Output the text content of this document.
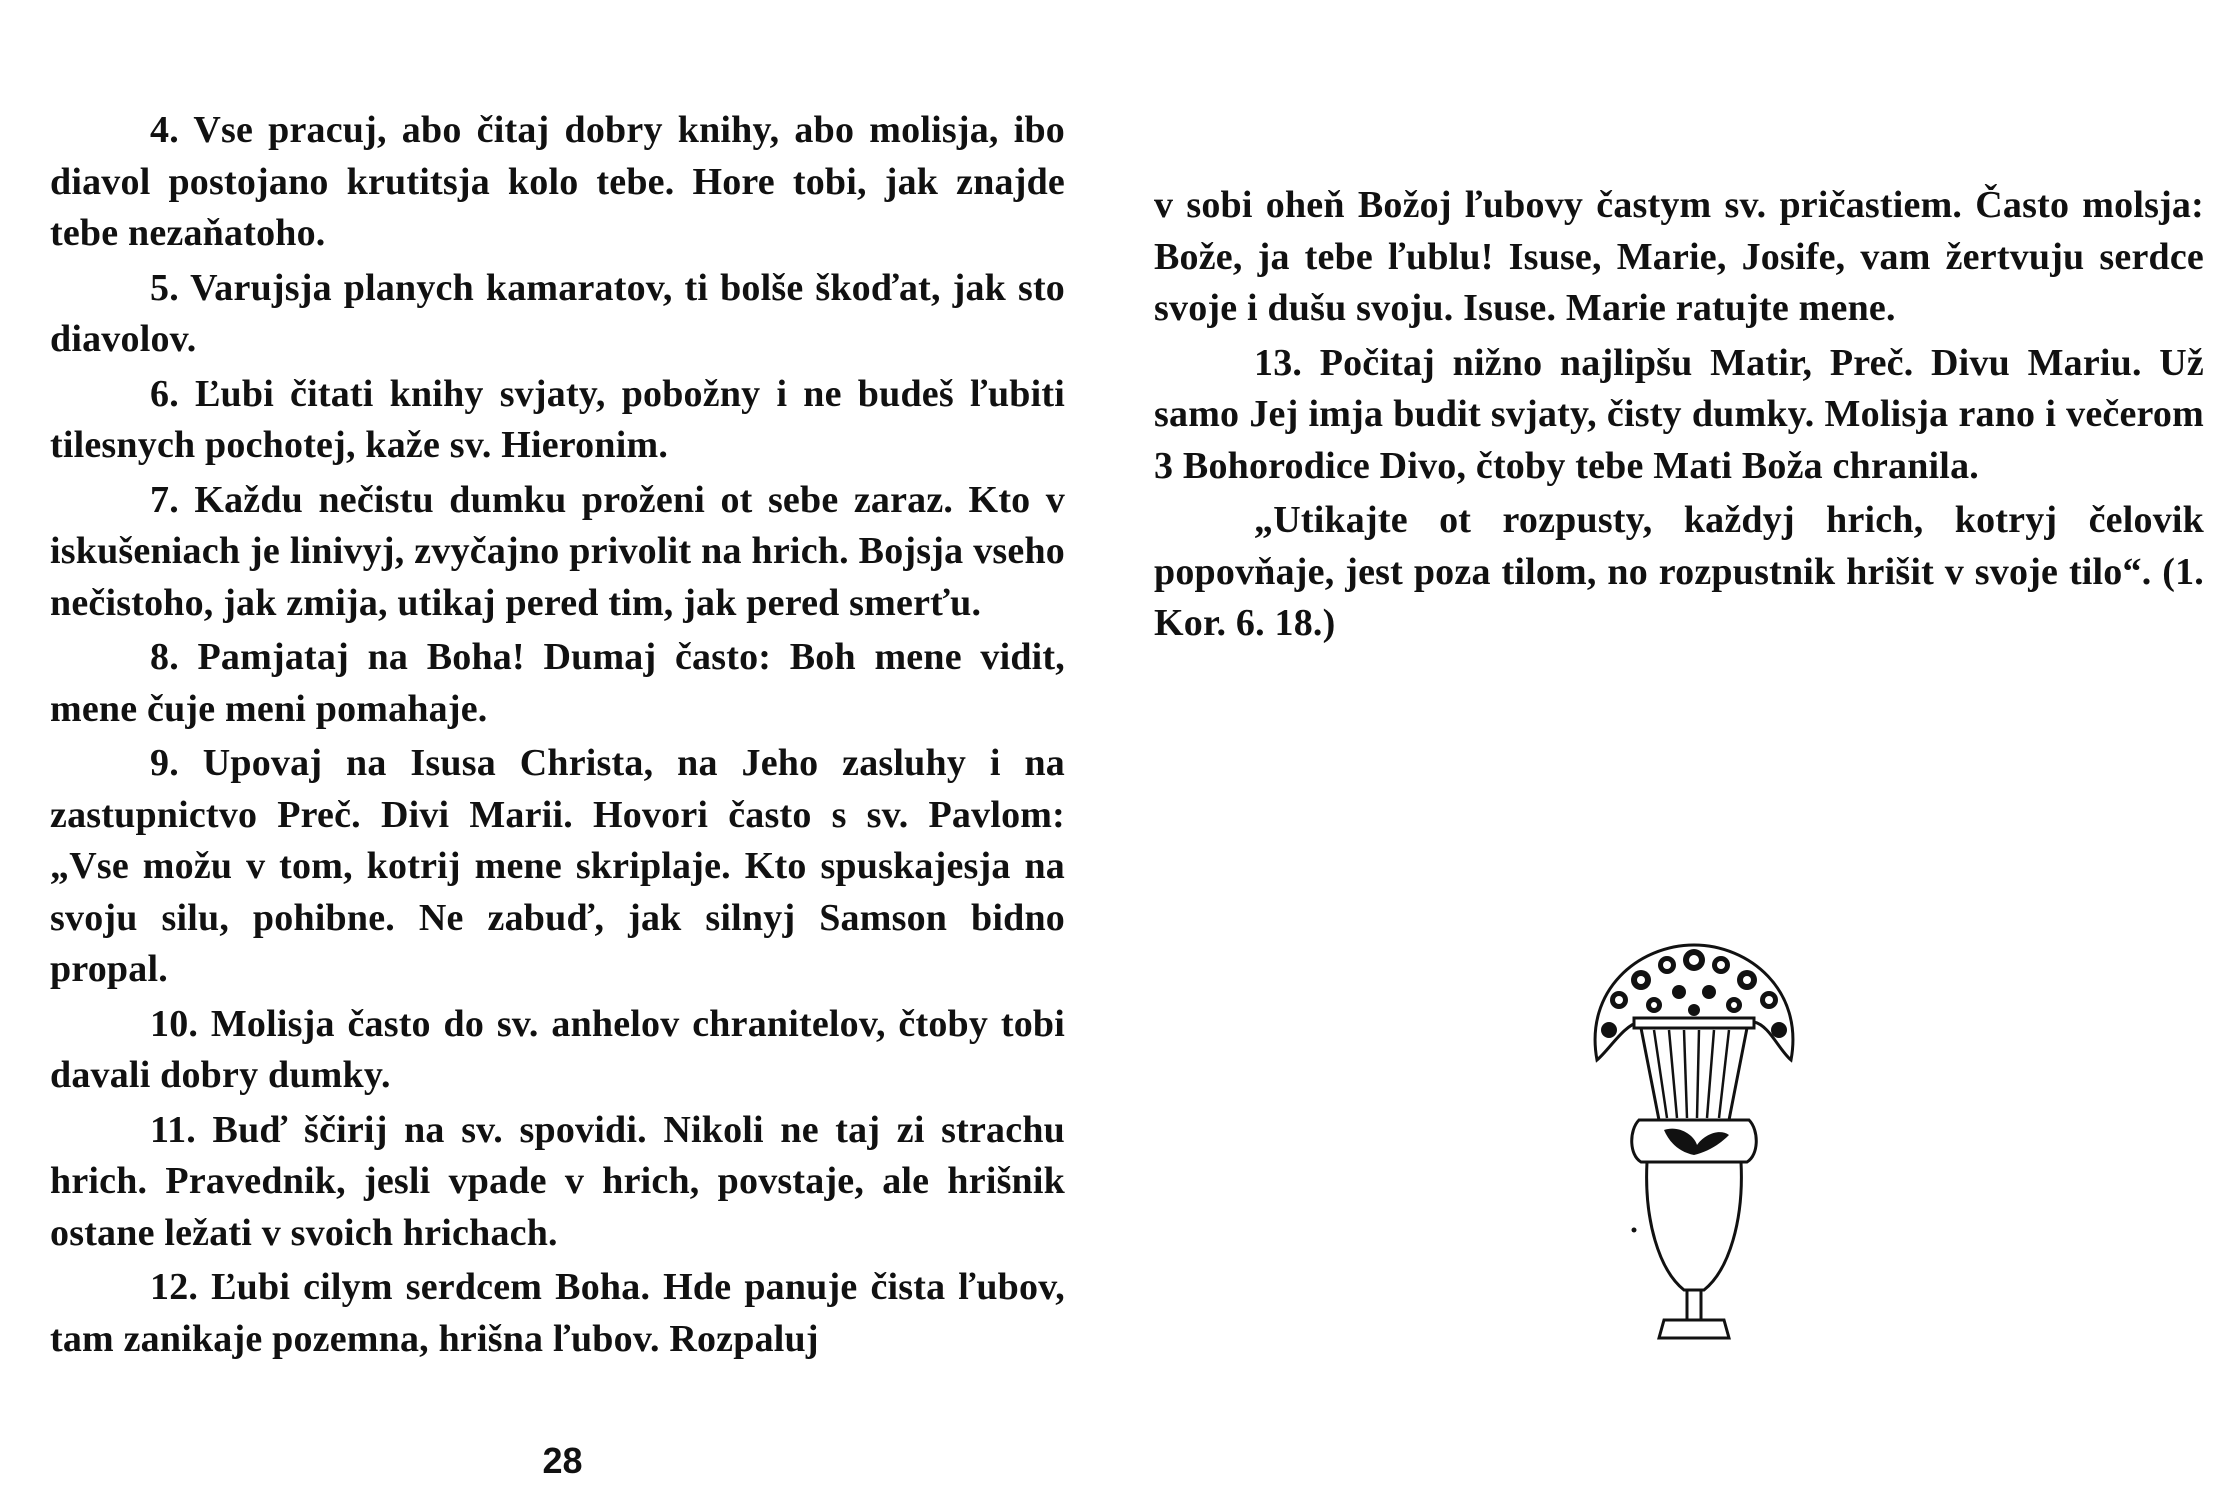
4. Vse pracuj, abo čitaj dobry knihy, abo molisja, ibo diavol postojano krutitsja kolo tebe. Hore tobi, jak znajde tebe nezaňatoho.

5. Varujsja planych kamaratov, ti bolše škoďat, jak sto diavolov.

6. Ľubi čitati knihy svjaty, pobožny i ne budeš ľubiti tilesnych pochotej, kaže sv. Hieronim.

7. Každu nečistu dumku proženi ot sebe zaraz. Kto v iskušeniach je linivyj, zvyčajno privolit na hrich. Bojsja vseho nečistoho, jak zmija, utikaj pered tim, jak pered smerťu.

8. Pamjataj na Boha! Dumaj často: Boh mene vidit, mene čuje meni pomahaje.

9. Upovaj na Isusa Christa, na Jeho zasluhy i na zastupnictvo Preč. Divi Marii. Hovori často s sv. Pavlom: „Vse možu v tom, kotrij mene skriplaje. Kto spuskajesja na svoju silu, pohibne. Ne zabuď, jak silnyj Samson bidno propal.

10. Molisja často do sv. anhelov chranitelov, čtoby tobi davali dobry dumky.

11. Buď ščirij na sv. spovidi. Nikoli ne taj zi strachu hrich. Pravednik, jesli vpade v hrich, povstaje, ale hrišnik ostane ležati v svoich hrichach.

12. Ľubi cilym serdcem Boha. Hde panuje čista ľubov, tam zanikaje pozemna, hrišna ľubov. Rozpaluj

28

v sobi oheň Božoj ľubovy častym sv. pričastiem. Často molsja: Bože, ja tebe ľublu! Isuse, Marie, Josife, vam žertvuju serdce svoje i dušu svoju. Isuse. Marie ratujte mene.

13. Počitaj nižno najlipšu Matir, Preč. Divu Mariu. Už samo Jej imja budit svjaty, čisty dumky. Molisja rano i večerom 3 Bohorodice Divo, čtoby tebe Mati Boža chranila.

„Utikajte ot rozpusty, každyj hrich, kotryj čelovik popovňaje, jest poza tilom, no rozpustnik hrišit v svoje tilo“. (1. Kor. 6. 18.)
